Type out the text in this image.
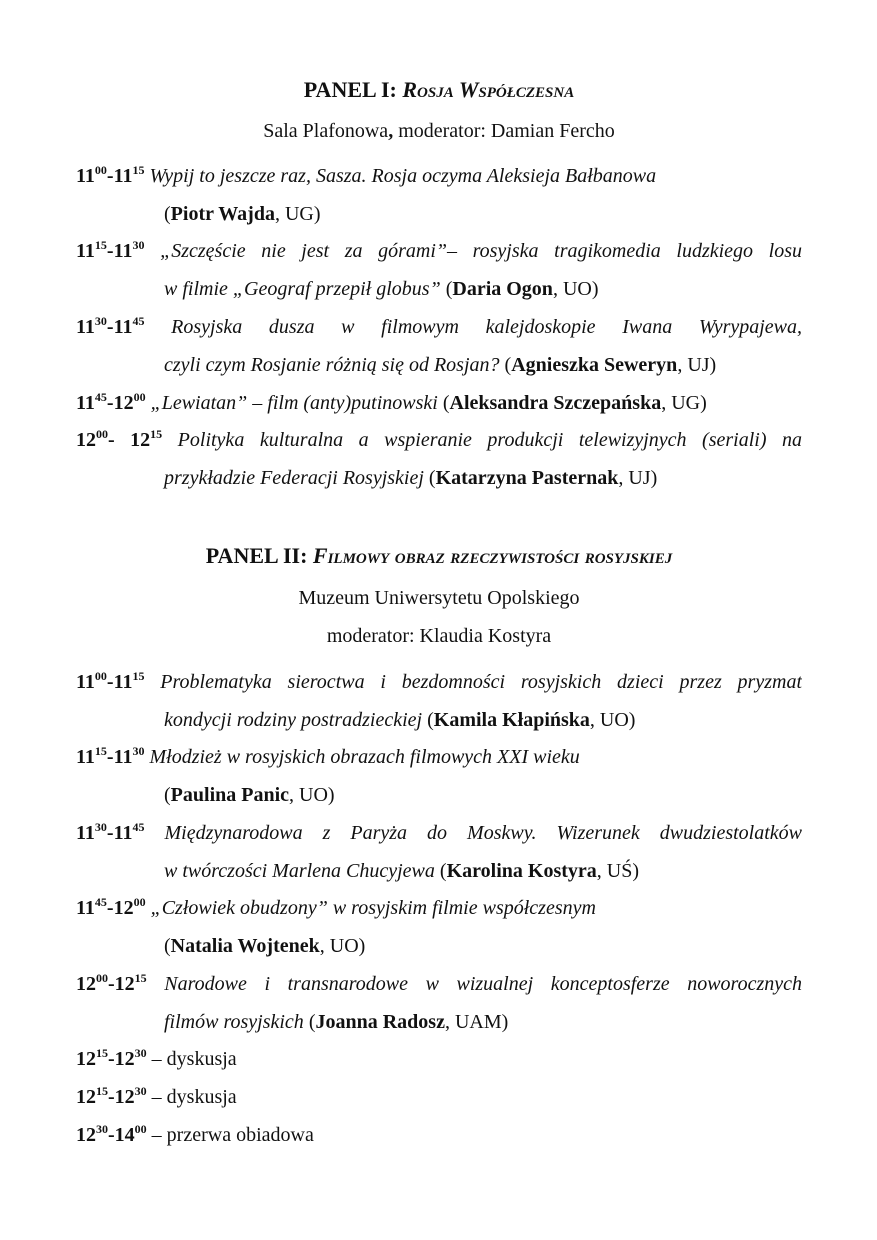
PANEL I: Rosja Współczesna
Sala Plafonowa, moderator: Damian Fercho
$11^{00}-11^{15}$ Wypij to jeszcze raz, Sasza. Rosja oczyma Aleksieja Bałbanowa
(Piotr Wajda, UG)
$11^{15}-11^{30}$ „Szczęście nie jest za górami”– rosyjska tragikomedia ludzkiego losu
w filmie „Geograf przepił globus” (Daria Ogon, UO)
$11^{30}-11^{45}$ Rosyjska dusza w filmowym kalejdoskopie Iwana Wyrypajewa,
czyli czym Rosjanie różnią się od Rosjan? (Agnieszka Seweryn, UJ)
$11^{45}-12^{00}$ „Lewiatan” – film (anty)putinowski (Aleksandra Szczepańska, UG)
$12^{00}-$ $12^{15}$ Polityka kulturalna a wspieranie produkcji telewizyjnych (seriali) na
przykładzie Federacji Rosyjskiej (Katarzyna Pasternak, UJ)
PANEL II: Filmowy obraz rzeczywistości rosyjskiej
Muzeum Uniwersytetu Opolskiego
moderator: Klaudia Kostyra
$11^{00}-11^{15}$ Problematyka sieroctwa i bezdomności rosyjskich dzieci przez pryzmat
kondycji rodziny postradzieckiej (Kamila Kłapińska, UO)
$11^{15}-11^{30}$ Młodzież w rosyjskich obrazach filmowych XXI wieku
(Paulina Panic, UO)
$11^{30}-11^{45}$ Międzynarodowa z Paryża do Moskwy. Wizerunek dwudziestolatków
w twórczości Marlena Chucyjewa (Karolina Kostyra, UŚ)
$11^{45}-12^{00}$ „Człowiek obudzony” w rosyjskim filmie współczesnym
(Natalia Wojtenek, UO)
$12^{00}-12^{15}$ Narodowe i transnarodowe w wizualnej konceptosferze noworocznych
filmów rosyjskich (Joanna Radosz, UAM)
$12^{15}-12^{30}$ – dyskusja
$12^{15}-12^{30}$ – dyskusja
$12^{30}-14^{00}$ – przerwa obiadowa
